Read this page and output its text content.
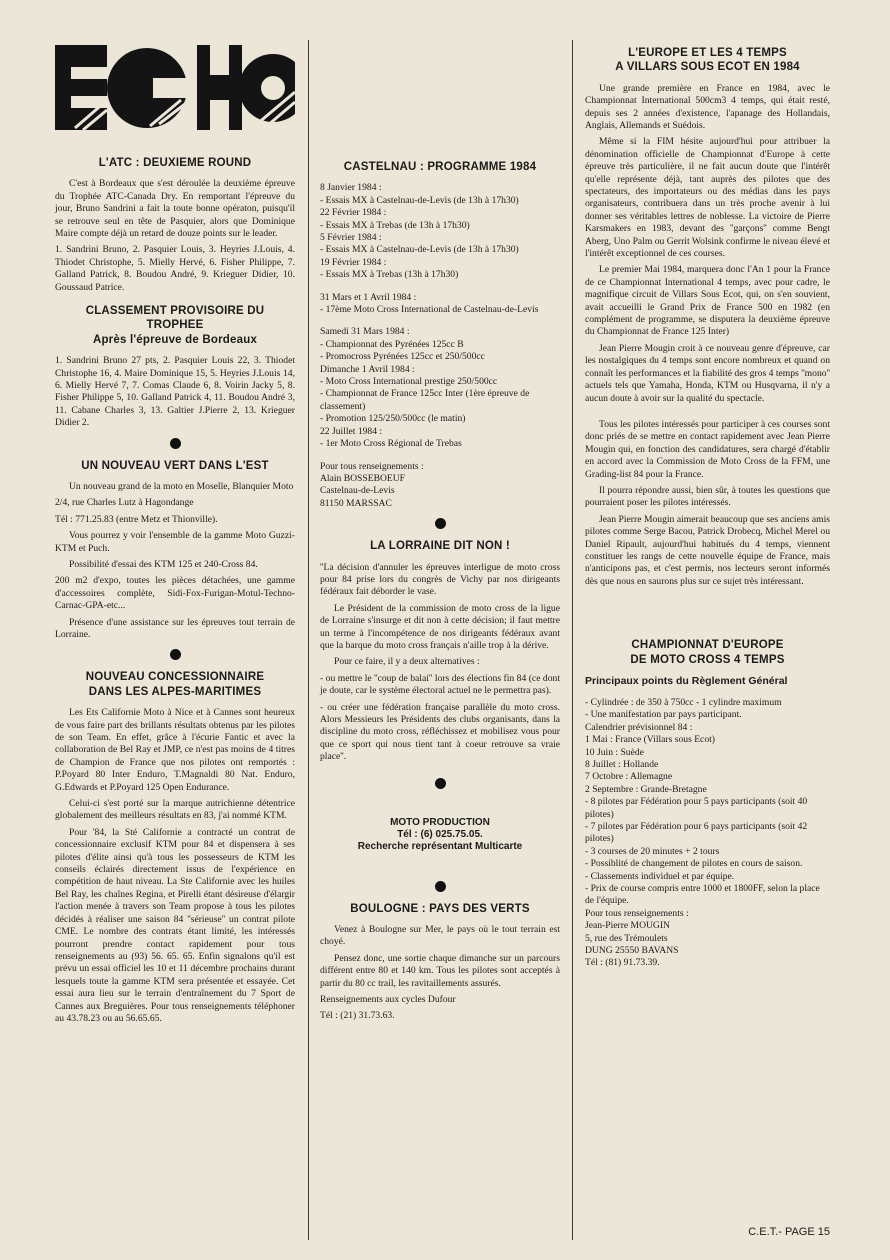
L'ATC : DEUXIEME ROUND

C'est à Bordeaux que s'est déroulée la deuxième épreuve du Trophée ATC-Canada Dry. En remportant l'épreuve du jour, Bruno Sandrini a fait la toute bonne opératon, puisqu'il se retrouve seul en tête de Pasquier, alors que Dominique Maire compte déjà un retard de douze points sur le leader.

1. Sandrini Bruno, 2. Pasquier Louis, 3. Heyries J.Louis, 4. Thiodet Christophe, 5. Mielly Hervé, 6. Fisher Philippe, 7. Galland Patrick, 8. Boudou André, 9. Krieguer Didier, 10. Goussaud Patrice.

CLASSEMENT PROVISOIRE DU
TROPHEE
Après l'épreuve de Bordeaux

1. Sandrini Bruno 27 pts, 2. Pasquier Louis 22, 3. Thiodet Christophe 16, 4. Maire Dominique 15, 5. Heyries J.Louis 14, 6. Mielly Hervé 7, 7. Comas Claude 6, 8. Voirin Jacky 5, 8. Fisher Philippe 5, 10. Galland Patrick 4, 11. Boudou André 3, 11. Cabane Charles 3, 13. Galtier J.Pierre 2, 13. Krieguer Didier 2.

UN NOUVEAU VERT DANS L'EST

Un nouveau grand de la moto en Moselle, Blanquier Moto

2/4, rue Charles Lutz à Hagondange

Tél : 771.25.83 (entre Metz et Thionville).

Vous pourrez y voir l'ensemble de la gamme Moto Guzzi-KTM et Puch.

Possibilité d'essai des KTM 125 et 240-Cross 84.

200 m2 d'expo, toutes les pièces détachées, une gamme d'accessoires complète, Sidi-Fox-Furigan-Motul-Techno-Carnac-GPA-etc...

Présence d'une assistance sur les épreuves tout terrain de Lorraine.

NOUVEAU CONCESSIONNAIRE
DANS LES ALPES-MARITIMES

Les Ets Californie Moto à Nice et à Cannes sont heureux de vous faire part des brillants résultats obtenus par les pilotes de son Team. En effet, grâce à l'écurie Fantic et avec la collaboration de Bel Ray et JMP, ce n'est pas moins de 4 titres de Champion de France que nos pilotes ont remportés : P.Poyard 80 Inter Enduro, T.Magnaldi 80 Nat. Enduro, G.Edwards et P.Poyard 125 Open Endurance.

Celui-ci s'est porté sur la marque autrichienne détentrice globalement des meilleurs résultats en 83, j'ai nommé KTM.

Pour '84, la Sté Californie a contracté un contrat de concessionnaire exclusif KTM pour 84 et dispensera à ses pilotes d'élite ainsi qu'à tous les possesseurs de KTM les conseils éclairés directement issus de l'expérience en compétition de haut niveau. La Ste Californie avec les huiles Bel Ray, les chaînes Regina, et Pirelli étant désireuse d'élargir l'action menée à travers son Team propose à tous les pilotes décidés à réaliser une saison 84 ''sérieuse'' un contrat pilote CME. Le nombre des contrats étant limité, les intéressés pourront prendre contact rapidement pour tous renseignements au (93) 56. 65. 65. Enfin signalons qu'il est prévu un essai officiel les 10 et 11 décembre prochains durant lesquels toute la gamme KTM sera présentée et essayée. Cet essai aura lieu sur le terrain d'entraînement du 7 Sport de Cannes aux Breguières. Pour tous renseignements téléphoner au 43.78.23 ou au 56.65.65.

CASTELNAU : PROGRAMME 1984
8 Janvier 1984 :
- Essais MX à Castelnau-de-Levis (de 13h à 17h30)
22 Février 1984 :
- Essais MX à Trebas (de 13h à 17h30)
5 Février 1984 :
- Essais MX à Castelnau-de-Levis (de 13h à 17h30)
19 Février 1984 :
- Essais MX à Trebas (13h à 17h30)
31 Mars et 1 Avril 1984 :
- 17ème Moto Cross International de Castelnau-de-Levis
Samedi 31 Mars 1984 :
- Championnat des Pyrénées 125cc B
- Promocross Pyrénées 125cc et 250/500cc
Dimanche 1 Avril 1984 :
- Moto Cross International prestige 250/500cc
- Championnat de France 125cc Inter (1ère épreuve de classement)
- Promotion 125/250/500cc (le matin)
22 Juillet 1984 :
- 1er Moto Cross Régional de Trebas
Pour tous renseignements :
Alain BOSSEBOEUF
Castelnau-de-Levis
81150 MARSSAC
LA LORRAINE DIT NON !

''La décision d'annuler les épreuves interligue de moto cross pour 84 prise lors du congrès de Vichy par nos dirigeants fédéraux fait déborder le vase.

Le Président de la commission de moto cross de la ligue de Lorraine s'insurge et dit non à cette décision; il faut mettre un terme à l'incompétence de nos dirigeants fédéraux avant que la barque du moto cross français n'aille trop à la dérive.

Pour ce faire, il y a deux alternatives :

- ou mettre le ''coup de balai'' lors des élections fin 84 (ce dont je doute, car le système électoral actuel ne le permettra pas).

- ou créer une fédération française parallèle du moto cross. Alors Messieurs les Présidents des clubs organisants, dans la discipline du moto cross, réfléchissez et mobilisez vous pour que ce sport qui nous tient tant à coeur retrouve sa vraie place''.

MOTO PRODUCTION
Tél : (6) 025.75.05.
Recherche représentant Multicarte
BOULOGNE : PAYS DES VERTS

Venez à Boulogne sur Mer, le pays où le tout terrain est choyé.

Pensez donc, une sortie chaque dimanche sur un parcours différent entre 80 et 140 km. Tous les pilotes sont acceptés à partir du 80 cc trail, les ravitaillements assurés.

Renseignements aux cycles Dufour

Tél : (21) 31.73.63.

L'EUROPE ET LES 4 TEMPS
A VILLARS SOUS ECOT EN 1984

Une grande première en France en 1984, avec le Championnat International 500cm3 4 temps, qui était resté, depuis ses 2 années d'existence, l'apanage des Hollandais, Anglais, Allemands et Suédois.

Même si la FIM hésite aujourd'hui pour attribuer la dénomination officielle de Championnat d'Europe à cette épreuve très particulière, il ne fait aucun doute que l'intérêt qu'elle représente déjà, tant auprès des pilotes que des spectateurs, des importateurs ou des médias dans les pays organisateurs, contribuera dans un très proche avenir à lui donner ses véritables lettres de noblesse. La victoire de Pierre Karsmakers en 1983, devant des ''garçons'' comme Bengt Aberg, Uno Palm ou Gerrit Wolsink confirme le niveau élevé et l'intérêt exceptionnel de ces courses.

Le premier Mai 1984, marquera donc l'An 1 pour la France de ce Championnat International 4 temps, avec pour cadre, le magnifique circuit de Villars Sous Ecot, qui, on s'en souvient, avait accueilli le Grand Prix de France 500 en 1982 (en complément de programme, se disputera la deuxième épreuve du Championnat de France 125 Inter)

Jean Pierre Mougin croit à ce nouveau genre d'épreuve, car les nostalgiques du 4 temps sont encore nombreux et quand on connaît les performances et la fiabilité des gros 4 temps ''mono'' actuels tels que Yamaha, Honda, KTM ou Husqvarna, il n'y a aucun doute à avoir sur la qualité du spectacle.

Tous les pilotes intéressés pour participer à ces courses sont donc priés de se mettre en contact rapidement avec Jean Pierre Mougin qui, en fonction des candidatures, sera chargé d'établir en accord avec la Commission de Moto Cross de la FFM, une Grading-list 84 pour la France.

Il pourra répondre aussi, bien sûr, à toutes les questions que pourraient poser les pilotes intéressés.

Jean Pierre Mougin aimerait beaucoup que ses anciens amis pilotes comme Serge Bacou, Patrick Drobecq, Michel Merel ou Daniel Ripault, aujourd'hui habitués du 4 temps, viennent constituer les rangs de cette nouvelle équipe de France, mais n'anticipons pas, et c'est permis, nos lecteurs seront informés dès que nous en saurons plus sur ce sujet très intéressant.

CHAMPIONNAT D'EUROPE
DE MOTO CROSS 4 TEMPS
Principaux points du Règlement Général
- Cylindrée : de 350 à 750cc - 1 cylindre maximum
- Une manifestation par pays participant.
Calendrier prévisionnel 84 :
1 Mai : France (Villars sous Ecot)
10 Juin : Suède
8 Juillet : Hollande
7 Octobre : Allemagne
2 Septembre : Grande-Bretagne
- 8 pilotes par Fédération pour 5 pays participants (soit 40 pilotes)
- 7 pilotes par Fédération pour 6 pays participants (soit 42 pilotes)
- 3 courses de 20 minutes + 2 tours
- Possiblité de changement de pilotes en cours de saison.
- Classements individuel et par équipe.
- Prix de course compris entre 1000 et 1800FF, selon la place de l'équipe.
Pour tous renseignements :
Jean-Pierre MOUGIN
5, rue des Trémoulets
DUNG 25550 BAVANS
Tél : (81) 91.73.39.
C.E.T.- PAGE 15
